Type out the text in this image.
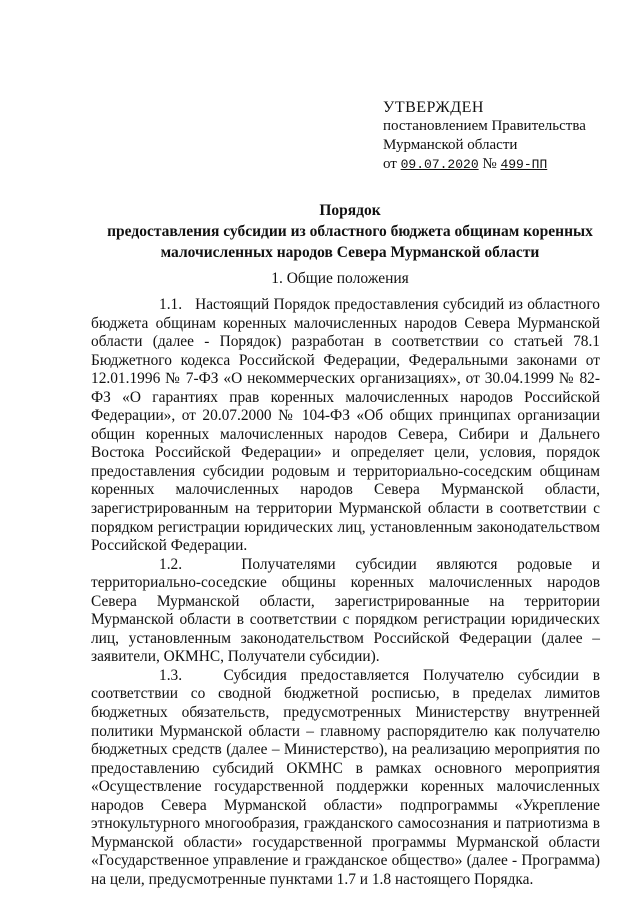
УТВЕРЖДЕН
постановлением Правительства
Мурманской области
от 09.07.2020 № 499-ПП
Порядок
предоставления субсидии из областного бюджета общинам коренных
малочисленных народов Севера Мурманской области
1. Общие положения

1.1. Настоящий Порядок предоставления субсидий из областного бюджета общинам коренных малочисленных народов Севера Мурманской области (далее - Порядок) разработан в соответствии со статьей 78.1 Бюджетного кодекса Российской Федерации, Федеральными законами от 12.01.1996 № 7-ФЗ «О некоммерческих организациях», от 30.04.1999 № 82-ФЗ «О гарантиях прав коренных малочисленных народов Российской Федерации», от 20.07.2000 № 104-ФЗ «Об общих принципах организации общин коренных малочисленных народов Севера, Сибири и Дальнего Востока Российской Федерации» и определяет цели, условия, порядок предоставления субсидии родовым и территориально-соседским общинам коренных малочисленных народов Севера Мурманской области, зарегистрированным на территории Мурманской области в соответствии с порядком регистрации юридических лиц, установленным законодательством Российской Федерации.

1.2.	Получателями субсидии являются родовые и территориально-соседские общины коренных малочисленных народов Севера Мурманской области, зарегистрированные на территории Мурманской области в соответствии с порядком регистрации юридических лиц, установленным законодательством Российской Федерации (далее – заявители, ОКМНС, Получатели субсидии).

1.3.	Субсидия предоставляется Получателю субсидии в соответствии со сводной бюджетной росписью, в пределах лимитов бюджетных обязательств, предусмотренных Министерству внутренней политики Мурманской области – главному распорядителю как получателю бюджетных средств (далее – Министерство), на реализацию мероприятия по предоставлению субсидий ОКМНС в рамках основного мероприятия «Осуществление государственной поддержки коренных малочисленных народов Севера Мурманской области» подпрограммы «Укрепление этнокультурного многообразия, гражданского самосознания и патриотизма в Мурманской области» государственной программы Мурманской области «Государственное управление и гражданское общество» (далее - Программа) на цели, предусмотренные пунктами 1.7 и 1.8 настоящего Порядка.
